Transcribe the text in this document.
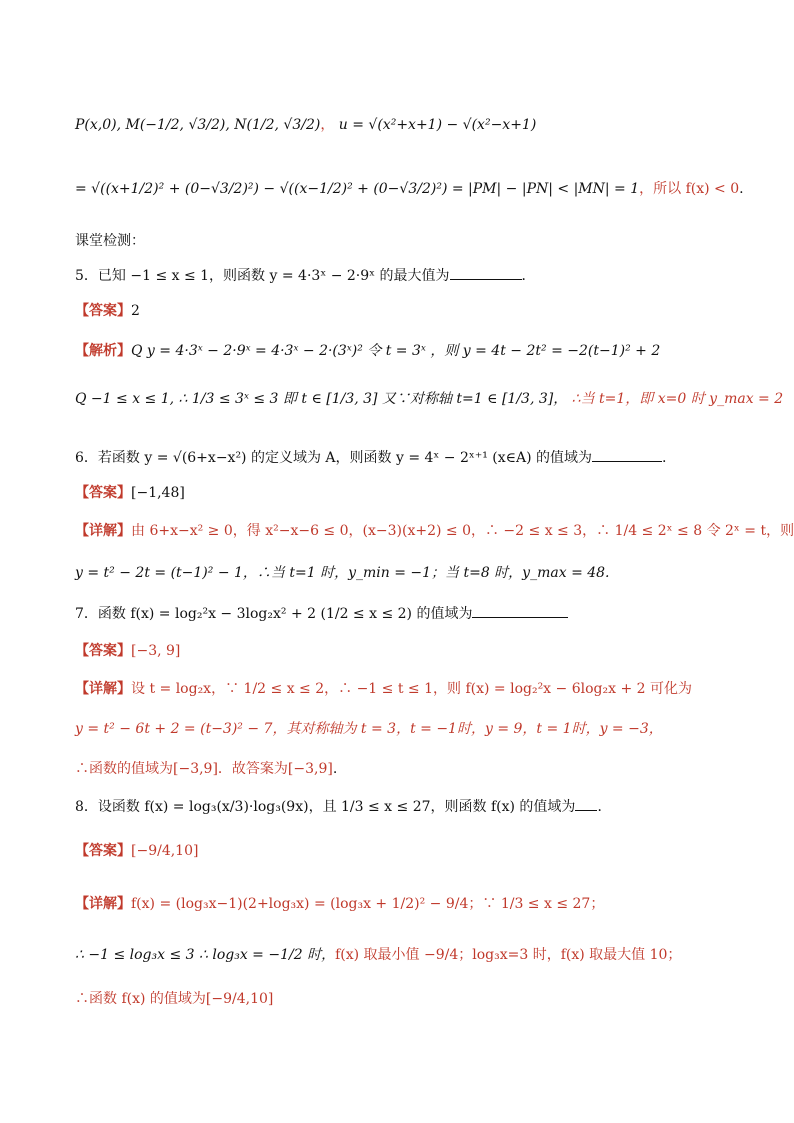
P(x,0), M(−1/2, √3/2), N(1/2, √3/2)， u = √(x²+x+1) − √(x²−x+1)
= √((x+1/2)² + (0−√3/2)²) − √((x−1/2)² + (0−√3/2)²) = |PM| − |PN| < |MN| = 1，所以 f(x) < 0.
课堂检测：
5．已知 −1 ≤ x ≤ 1，则函数 y = 4·3ˣ − 2·9ˣ 的最大值为	．
【答案】2
【解析】Q y = 4·3ˣ − 2·9ˣ = 4·3ˣ − 2·(3ˣ)² 令 t = 3ˣ ，则 y = 4t − 2t² = −2(t−1)² + 2
Q −1 ≤ x ≤ 1, ∴ 1/3 ≤ 3ˣ ≤ 3 即 t ∈ [1/3, 3] 又∵对称轴 t=1 ∈ [1/3, 3]， ∴当 t=1，即 x=0 时 y_max = 2
6．若函数 y = √(6+x−x²) 的定义域为 A，则函数 y = 4ˣ − 2ˣ⁺¹ (x∈A) 的值域为	.
【答案】[−1,48]
【详解】由 6+x−x² ≥ 0，得 x²−x−6 ≤ 0，(x−3)(x+2) ≤ 0，∴ −2 ≤ x ≤ 3，∴ 1/4 ≤ 2ˣ ≤ 8 令 2ˣ = t，则
y = t² − 2t = (t−1)² − 1，∴当 t=1 时，y_min = −1；当 t=8 时，y_max = 48.
7．函数 f(x) = log₂²x − 3log₂x² + 2 (1/2 ≤ x ≤ 2) 的值域为
【答案】[−3, 9]
【详解】设 t = log₂x，∵ 1/2 ≤ x ≤ 2，∴ −1 ≤ t ≤ 1，则 f(x) = log₂²x − 6log₂x + 2 可化为
y = t² − 6t + 2 = (t−3)² − 7，其对称轴为 t = 3，t = −1时，y = 9，t = 1时，y = −3，
∴函数的值域为[−3,9]．故答案为[−3,9].
8．设函数 f(x) = log₃(x/3)·log₃(9x)，且 1/3 ≤ x ≤ 27，则函数 f(x) 的值域为 ．
【答案】[−9/4,10]
【详解】f(x) = (log₃x−1)(2+log₃x) = (log₃x + 1/2)² − 9/4；∵ 1/3 ≤ x ≤ 27；
∴ −1 ≤ log₃x ≤ 3 ∴ log₃x = −1/2 时，f(x) 取最小值 −9/4；log₃x=3 时，f(x) 取最大值 10；
∴函数 f(x) 的值域为[−9/4,10]
